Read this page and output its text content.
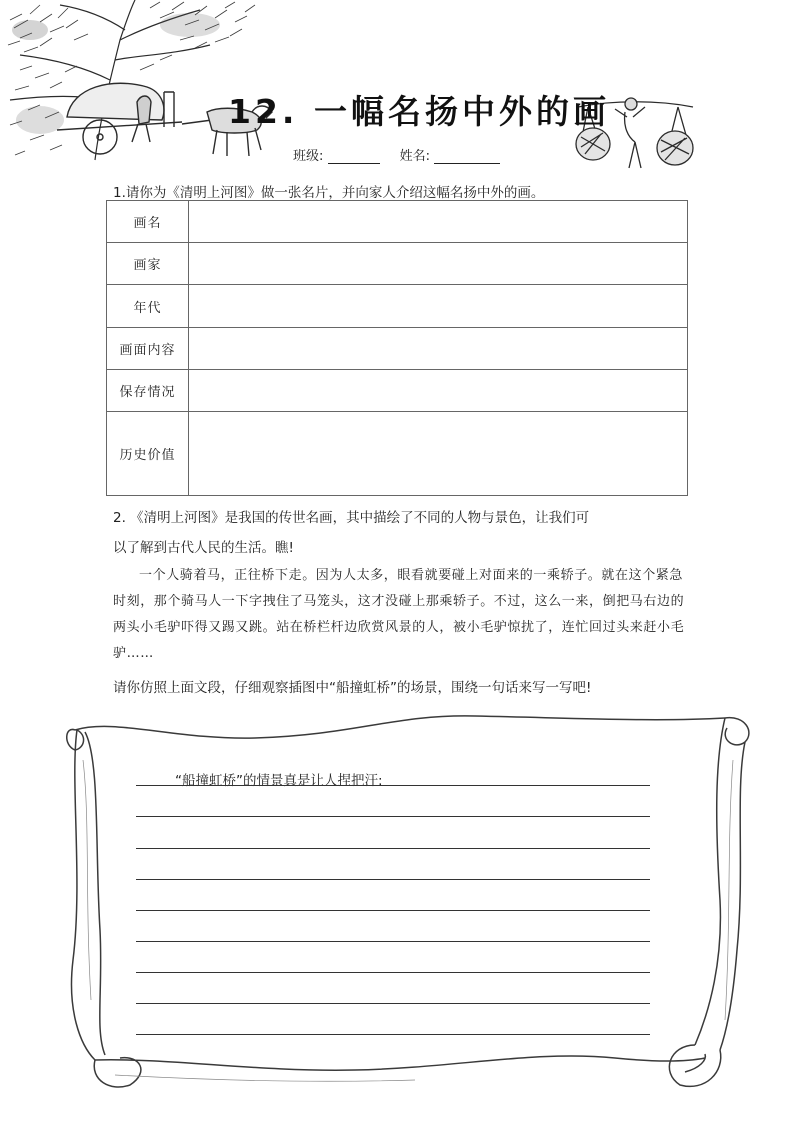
12. 一幅名扬中外的画
班级:	姓名:
1.请你为《清明上河图》做一张名片，并向家人介绍这幅名扬中外的画。
画名	
画家	
年代	
画面内容	
保存情况	
历史价值	
2. 《清明上河图》是我国的传世名画，其中描绘了不同的人物与景色，让我们可
以了解到古代人民的生活。瞧!

一个人骑着马，正往桥下走。因为人太多，眼看就要碰上对面来的一乘轿子。就在这个紧急时刻，那个骑马人一下字拽住了马笼头，这才没碰上那乘轿子。不过，这么一来，倒把马右边的两头小毛驴吓得又踢又跳。站在桥栏杆边欣赏风景的人，被小毛驴惊扰了，连忙回过头来赶小毛驴……

请你仿照上面文段，仔细观察插图中“船撞虹桥”的场景，围绕一句话来写一写吧!
“船撞虹桥”的情景真是让人捏把汗:
